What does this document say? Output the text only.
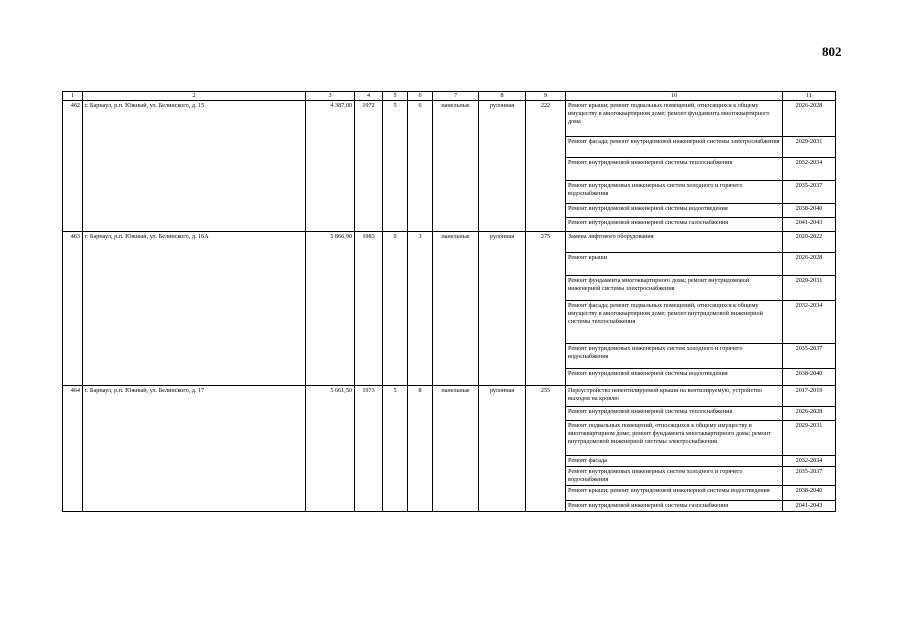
802
1	2	3	4	5	6	7	8	9	10	11
462	г. Барнаул, р.п. Южный, ул. Белинского, д. 15	4 387,00	1972	5	6	панельные	рулонная	222	Ремонт крыши; ремонт подвальных помещений, относящихся к общему имуществу в многоквартирном доме; ремонт фундамента многоквартирного дома	2026-2028
									Ремонт фасада; ремонт внутридомовой инженерной системы электроснабжения	2029-2031
									Ремонт внутридомовой инженерной системы теплоснабжения	2032-2034
									Ремонт внутридомовых инженерных систем холодного и горячего водоснабжения	2035-2037
									Ремонт внутридомовой инженерной системы водоотведения	2038-2040
									Ремонт внутридомовой инженерной системы газоснабжения	2041-2043
463	г. Барнаул, р.п. Южный, ул. Белинского, д. 16А	5 866,90	1983	9	3	панельные	рулонная	275	Замена лифтового оборудования	2020-2022
									Ремонт крыши	2026-2028
									Ремонт фундамента многоквартирного дома; ремонт внутридомовой инженерной системы электроснабжения	2029-2031
									Ремонт фасада; ремонт подвальных помещений, относящихся к общему имуществу в многоквартирном доме; ремонт внутридомовой инженерной системы теплоснабжения	2032-2034
									Ремонт внутридомовых инженерных систем холодного и горячего водоснабжения	2035-2037
									Ремонт внутридомовой инженерной системы водоотведения	2038-2040
464	г. Барнаул, р.п. Южный, ул. Белинского, д. 17	5 661,50	1973	5	8	панельные	рулонная	255	Переустройство невентилируемой крыши на вентилируемую, устройство выходов на кровлю	2017-2019
									Ремонт внутридомовой инженерной системы теплоснабжения	2026-2028
									Ремонт подвальных помещений, относящихся к общему имуществу в многоквартирном доме; ремонт фундамента многоквартирного дома; ремонт внутридомовой инженерной системы электроснабжения	2029-2031
									Ремонт фасада	2032-2034
									Ремонт внутридомовых инженерных систем холодного и горячего водоснабжения	2035-2037
									Ремонт крыши; ремонт внутридомовой инженерной системы водоотведения	2038-2040
									Ремонт внутридомовой инженерной системы газоснабжения	2041-2043
